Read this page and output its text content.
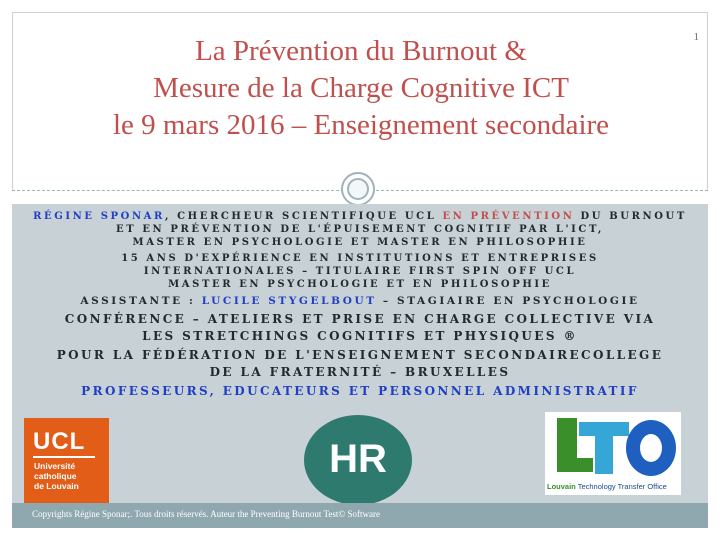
La Prévention du Burnout &
Mesure de la Charge Cognitive ICT
le 9 mars 2016 – Enseignement secondaire
1

RÉGINE SPONAR, CHERCHEUR SCIENTIFIQUE UCL EN PRÉVENTION DU BURNOUT ET EN PRÉVENTION DE L'ÉPUISEMENT COGNITIF PAR L'ICT,

MASTER EN PSYCHOLOGIE ET MASTER EN PHILOSOPHIE

15 ANS D'EXPÉRIENCE EN INSTITUTIONS ET ENTREPRISES

INTERNATIONALES – TITULAIRE FIRST SPIN OFF UCL

MASTER EN PSYCHOLOGIE ET EN PHILOSOPHIE

ASSISTANTE : LUCILE STYGELBOUT – STAGIAIRE EN PSYCHOLOGIE

CONFÉRENCE – ATELIERS ET PRISE EN CHARGE COLLECTIVE VIA

LES STRETCHINGS COGNITIFS ET PHYSIQUES ®

POUR LA FÉDÉRATION DE L'ENSEIGNEMENT SECONDAIRECOLLEGE

DE LA FRATERNITÉ – BRUXELLES

PROFESSEURS, EDUCATEURS ET PERSONNEL ADMINISTRATIF

UCL
Université
catholique
de Louvain
HR
Louvain Technology Transfer Office
Copyrights Régine Sponar;. Tous droits réservés. Auteur the Preventing Burnout Test© Software
